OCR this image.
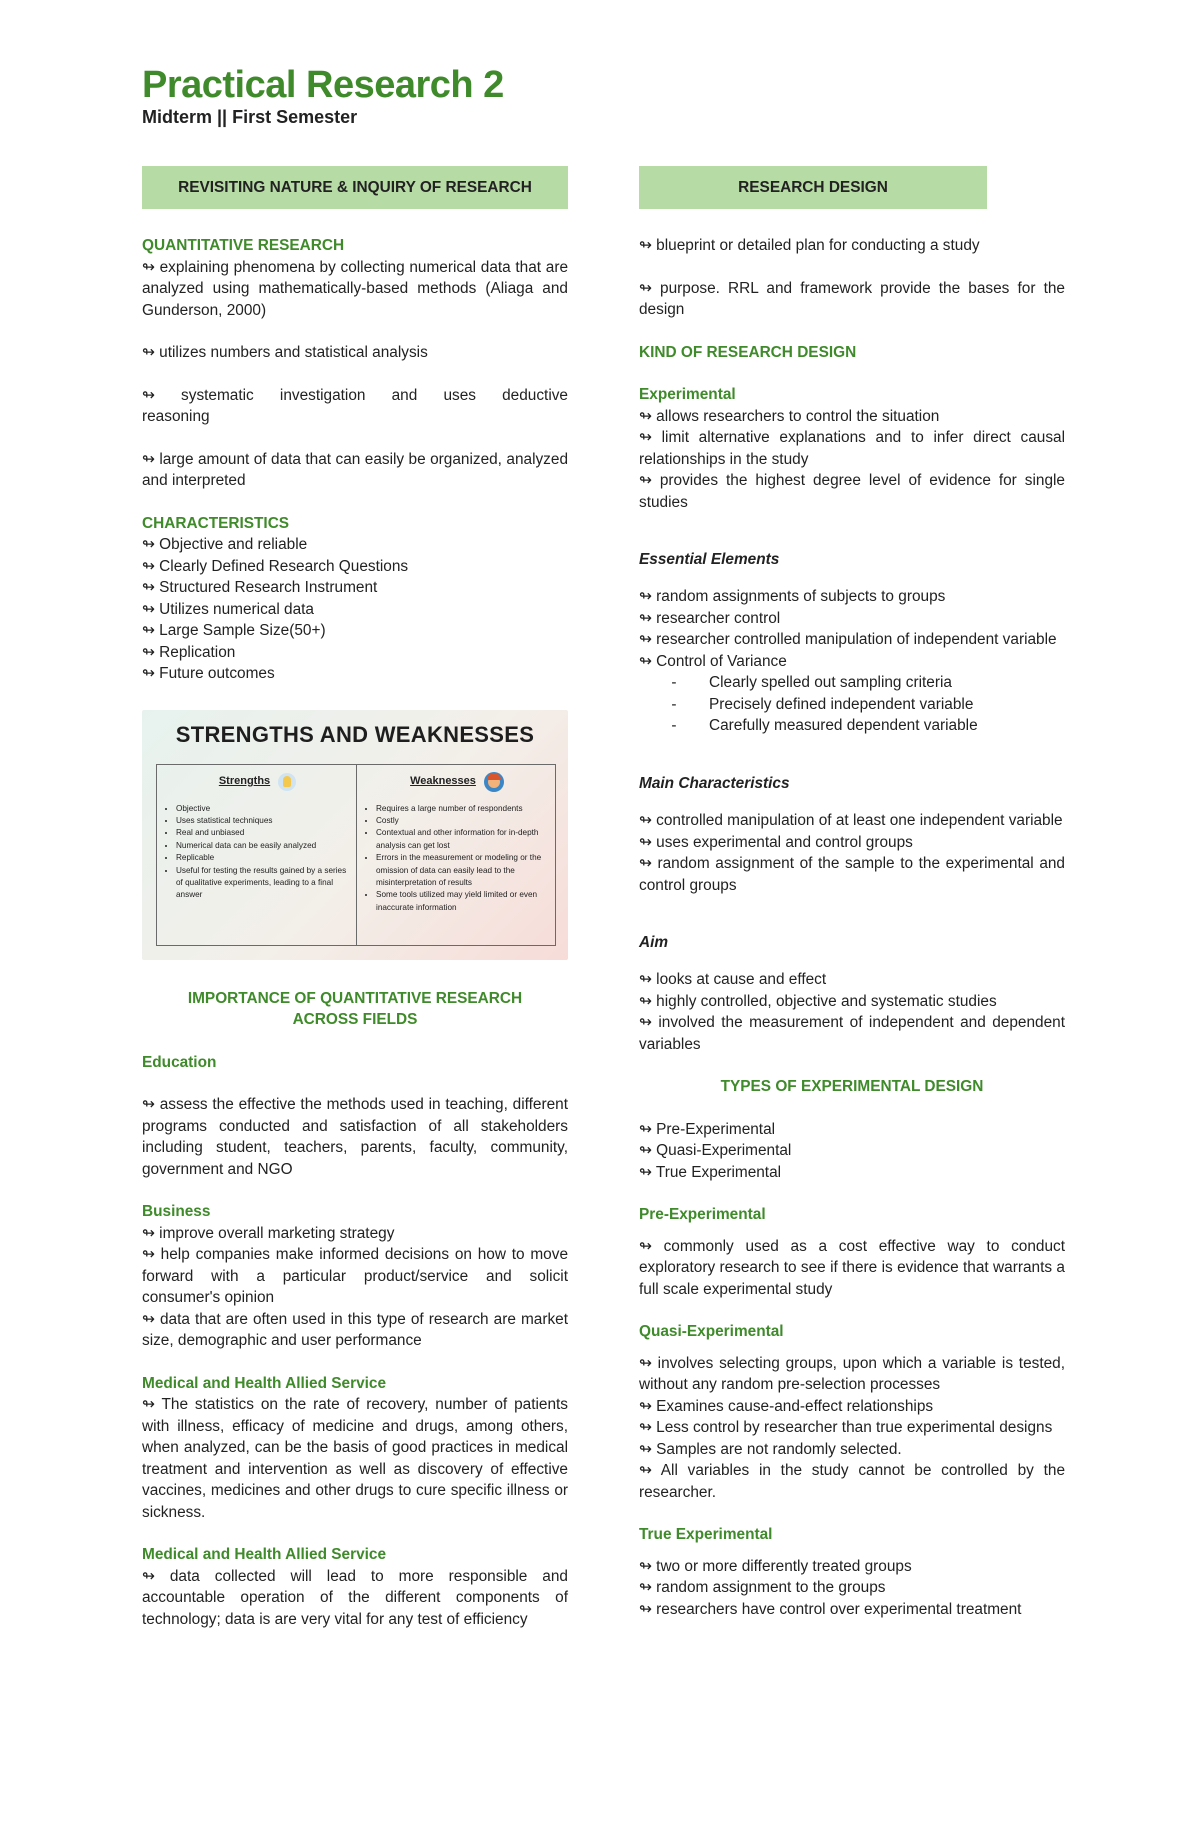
Practical Research 2
Midterm || First Semester
REVISITING NATURE & INQUIRY OF RESEARCH

QUANTITATIVE RESEARCH

↬ explaining phenomena by collecting numerical data that are analyzed using mathematically-based methods (Aliaga and Gunderson, 2000)

↬ utilizes numbers and statistical analysis

↬ systematic investigation and uses deductive reasoning

↬ large amount of data that can easily be organized, analyzed and interpreted

CHARACTERISTICS

↬ Objective and reliable

↬ Clearly Defined Research Questions

↬ Structured Research Instrument

↬ Utilizes numerical data

↬ Large Sample Size(50+)

↬ Replication

↬ Future outcomes

STRENGTHS AND WEAKNESSES
Strengths
• Objective
• Uses statistical techniques
• Real and unbiased
• Numerical data can be easily analyzed
• Replicable
• Useful for testing the results gained by a series of qualitative experiments, leading to a final answer
Weaknesses
• Requires a large number of respondents
• Costly
• Contextual and other information for in-depth analysis can get lost
• Errors in the measurement or modeling or the omission of data can easily lead to the misinterpretation of results
• Some tools utilized may yield limited or even inaccurate information

IMPORTANCE OF QUANTITATIVE RESEARCH

ACROSS FIELDS

Education

↬ assess the effective the methods used in teaching, different programs conducted and satisfaction of all stakeholders including student, teachers, parents, faculty, community, government and NGO

Business

↬ improve overall marketing strategy

↬ help companies make informed decisions on how to move forward with a particular product/service and solicit consumer's opinion

↬ data that are often used in this type of research are market size, demographic and user performance

Medical and Health Allied Service

↬ The statistics on the rate of recovery, number of patients with illness, efficacy of medicine and drugs, among others, when analyzed, can be the basis of good practices in medical treatment and intervention as well as discovery of effective vaccines, medicines and other drugs to cure specific illness or sickness.

Medical and Health Allied Service

↬ data collected will lead to more responsible and accountable operation of the different components of technology; data is are very vital for any test of efficiency

RESEARCH DESIGN

↬ blueprint or detailed plan for conducting a study

↬ purpose. RRL and framework provide the bases for the design

KIND OF RESEARCH DESIGN

Experimental

↬ allows researchers to control the situation

↬ limit alternative explanations and to infer direct causal relationships in the study

↬ provides the highest degree level of evidence for single studies

Essential Elements

↬ random assignments of subjects to groups

↬ researcher control

↬ researcher controlled manipulation of independent variable

↬ Control of Variance

-	Clearly spelled out sampling criteria
-	Precisely defined independent variable
-	Carefully measured dependent variable

Main Characteristics

↬ controlled manipulation of at least one independent variable

↬ uses experimental and control groups

↬ random assignment of the sample to the experimental and control groups

Aim

↬ looks at cause and effect

↬ highly controlled, objective and systematic studies

↬ involved the measurement of independent and dependent variables

TYPES OF EXPERIMENTAL DESIGN

↬ Pre-Experimental

↬ Quasi-Experimental

↬ True Experimental

Pre-Experimental

↬ commonly used as a cost effective way to conduct exploratory research to see if there is evidence that warrants a full scale experimental study

Quasi-Experimental

↬ involves selecting groups, upon which a variable is tested, without any random pre-selection processes

↬ Examines cause-and-effect relationships

↬ Less control by researcher than true experimental designs

↬ Samples are not randomly selected.

↬ All variables in the study cannot be controlled by the researcher.

True Experimental

↬ two or more differently treated groups

↬ random assignment to the groups

↬ researchers have control over experimental treatment
